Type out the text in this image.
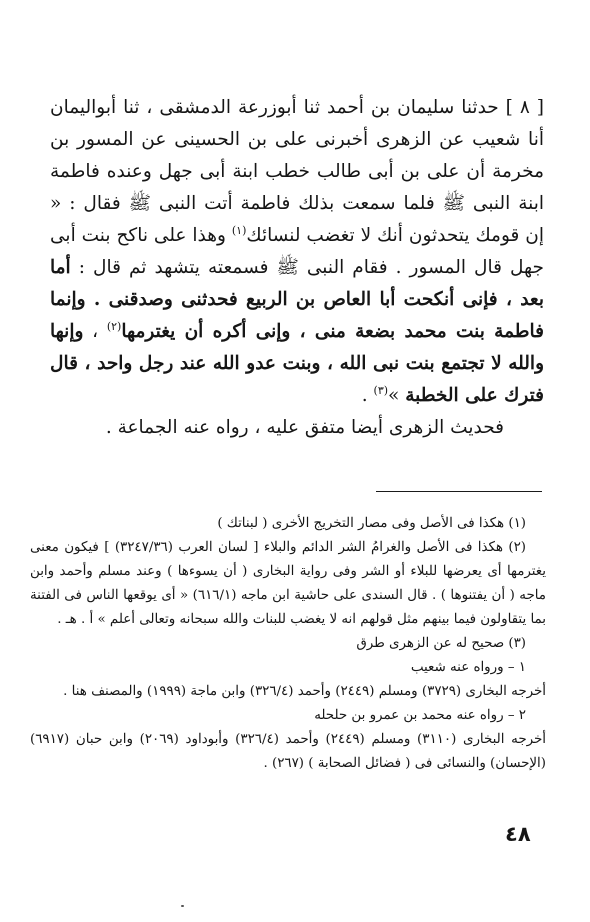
[ ٨ ] حدثنا سليمان بن أحمد ثنا أبوزرعة الدمشقى ، ثنا أبواليمان أنا شعيب عن الزهرى أخبرنى على بن الحسينى عن المسور بن مخرمة أن على بن أبى طالب خطب ابنة أبى جهل وعنده فاطمة ابنة النبى ﷺ فلما سمعت بذلك فاطمة أتت النبى ﷺ فقال : « إن قومك يتحدثون أنك لا تغضب لنسائك$^{(١)}$ وهذا على ناكح بنت أبى جهل قال المسور . فقام النبى ﷺ فسمعته يتشهد ثم قال : أما بعد ، فإنى أنكحت أبا العاص بن الربيع فحدثنى وصدقنى . وإنما فاطمة بنت محمد بضعة منى ، وإنى أكره أن يغترمها$^{(٢)}$ ، وإنها والله لا تجتمع بنت نبى الله ، وبنت عدو الله عند رجل واحد ، قال فترك على الخطبة »$^{(٣)}$ .

فحديث الزهرى أيضا متفق عليه ، رواه عنه الجماعة .

(١) هكذا فى الأصل وفى مصار التخريج الأخرى ( لبناتك )

(٢) هكذا فى الأصل والغرامُ الشر الدائم والبلاء [ لسان العرب (٣٢٤٧/٣٦) ] فيكون معنى يغترمها أى يعرضها للبلاء أو الشر وفى رواية البخارى ( أن يسوءها ) وعند مسلم وأحمد وابن ماجه ( أن يفتنوها ) . قال السندى على حاشية ابن ماجه (٦١٦/١) « أى يوقعها الناس فى الفتنة بما يتقاولون فيما بينهم مثل قولهم انه لا يغضب للبنات والله سبحانه وتعالى أعلم » أ . هـ .

(٣) صحيح له عن الزهرى طرق

١ – ورواه عنه شعيب

أخرجه البخارى (٣٧٢٩) ومسلم (٢٤٤٩) وأحمد (٣٢٦/٤) وابن ماجة (١٩٩٩) والمصنف هنا .

٢ – رواه عنه محمد بن عمرو بن حلحله

أخرجه البخارى (٣١١٠) ومسلم (٢٤٤٩) وأحمد (٣٢٦/٤) وأبوداود (٢٠٦٩) وابن حبان (٦٩١٧) (الإحسان) والنسائى فى ( فضائل الصحابة ) (٢٦٧) .

٤٨
